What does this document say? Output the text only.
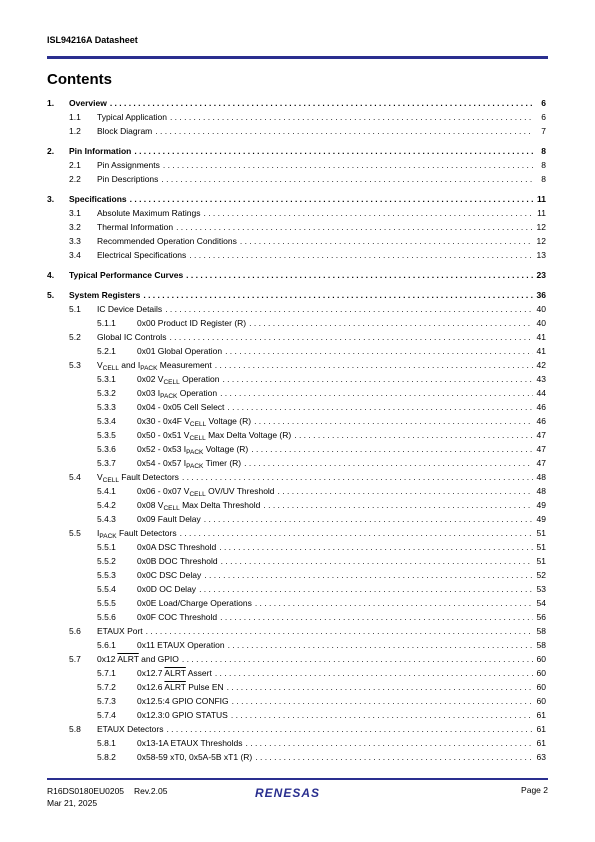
ISL94216A Datasheet
Contents
1.	Overview . . .	6
1.1	Typical Application . . .	6
1.2	Block Diagram . . .	7
2.	Pin Information . . .	8
2.1	Pin Assignments . . .	8
2.2	Pin Descriptions . . .	8
3.	Specifications . . .	11
3.1	Absolute Maximum Ratings . . .	11
3.2	Thermal Information . . .	12
3.3	Recommended Operation Conditions . . .	12
3.4	Electrical Specifications . . .	13
4.	Typical Performance Curves . . .	23
5.	System Registers . . .	36
5.1	IC Device Details . . .	40
5.1.1	0x00 Product ID Register (R) . . .	40
5.2	Global IC Controls . . .	41
5.2.1	0x01 Global Operation . . .	41
5.3	$V_{CELL}$ and $I_{PACK}$ Measurement . . .	42
5.3.1	0x02 $V_{CELL}$ Operation . . .	43
5.3.2	0x03 $I_{PACK}$ Operation . . .	44
5.3.3	0x04 - 0x05 Cell Select . . .	46
5.3.4	0x30 - 0x4F $V_{CELL}$ Voltage (R) . . .	46
5.3.5	0x50 - 0x51 $V_{CELL}$ Max Delta Voltage (R) . . .	47
5.3.6	0x52 - 0x53 $I_{PACK}$ Voltage (R) . . .	47
5.3.7	0x54 - 0x57 $I_{PACK}$ Timer (R) . . .	47
5.4	$V_{CELL}$ Fault Detectors . . .	48
5.4.1	0x06 - 0x07 $V_{CELL}$ OV/UV Threshold . . .	48
5.4.2	0x08 $V_{CELL}$ Max Delta Threshold . . .	49
5.4.3	0x09 Fault Delay . . .	49
5.5	$I_{PACK}$ Fault Detectors . . .	51
5.5.1	0x0A DSC Threshold . . .	51
5.5.2	0x0B DOC Threshold . . .	51
5.5.3	0x0C DSC Delay . . .	52
5.5.4	0x0D OC Delay . . .	53
5.5.5	0x0E Load/Charge Operations . . .	54
5.5.6	0x0F COC Threshold . . .	56
5.6	ETAUX Port . . .	58
5.6.1	0x11 ETAUX Operation . . .	58
5.7	0x12 ALRT and GPIO . . .	60
5.7.1	0x12.7 ALRT Assert . . .	60
5.7.2	0x12.6 ALRT Pulse EN . . .	60
5.7.3	0x12.5:4 GPIO CONFIG . . .	60
5.7.4	0x12.3:0 GPIO STATUS . . .	61
5.8	ETAUX Detectors . . .	61
5.8.1	0x13-1A ETAUX Thresholds . . .	61
5.8.2	0x58-59 xT0, 0x5A-5B xT1 (R) . . .	63
R16DS0180EU0205 Rev.2.05
Mar 21, 2025
RENESAS	Page 2
